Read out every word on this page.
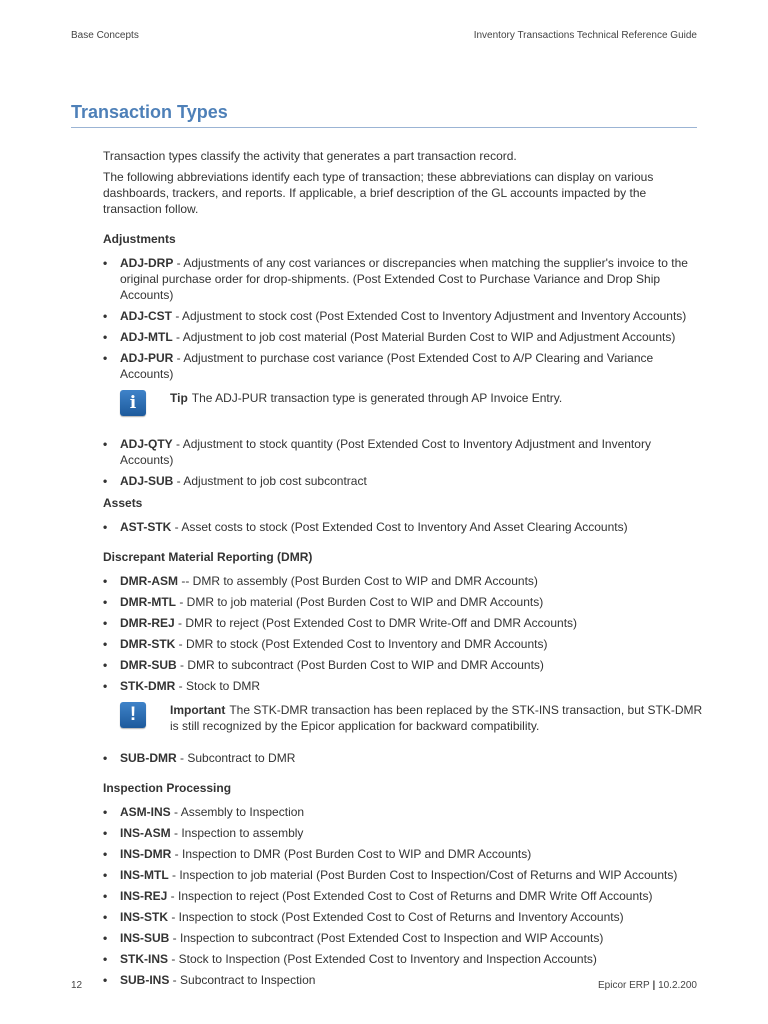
Base Concepts	Inventory Transactions Technical Reference Guide
Transaction Types

Transaction types classify the activity that generates a part transaction record.

The following abbreviations identify each type of transaction; these abbreviations can display on various dashboards, trackers, and reports. If applicable, a brief description of the GL accounts impacted by the transaction follow.

Adjustments
• ADJ-DRP - Adjustments of any cost variances or discrepancies when matching the supplier's invoice to the original purchase order for drop-shipments. (Post Extended Cost to Purchase Variance and Drop Ship Accounts)
• ADJ-CST - Adjustment to stock cost (Post Extended Cost to Inventory Adjustment and Inventory Accounts)
• ADJ-MTL - Adjustment to job cost material (Post Material Burden Cost to WIP and Adjustment Accounts)
• ADJ-PUR - Adjustment to purchase cost variance (Post Extended Cost to A/P Clearing and Variance Accounts)
i	Tip The ADJ-PUR transaction type is generated through AP Invoice Entry.
• ADJ-QTY - Adjustment to stock quantity (Post Extended Cost to Inventory Adjustment and Inventory Accounts)
• ADJ-SUB - Adjustment to job cost subcontract
Assets
• AST-STK - Asset costs to stock (Post Extended Cost to Inventory And Asset Clearing Accounts)
Discrepant Material Reporting (DMR)
• DMR-ASM -- DMR to assembly (Post Burden Cost to WIP and DMR Accounts)
• DMR-MTL - DMR to job material (Post Burden Cost to WIP and DMR Accounts)
• DMR-REJ - DMR to reject (Post Extended Cost to DMR Write-Off and DMR Accounts)
• DMR-STK - DMR to stock (Post Extended Cost to Inventory and DMR Accounts)
• DMR-SUB - DMR to subcontract (Post Burden Cost to WIP and DMR Accounts)
• STK-DMR - Stock to DMR
!	Important The STK-DMR transaction has been replaced by the STK-INS transaction, but STK-DMR is still recognized by the Epicor application for backward compatibility.
• SUB-DMR - Subcontract to DMR
Inspection Processing
• ASM-INS - Assembly to Inspection
• INS-ASM - Inspection to assembly
• INS-DMR - Inspection to DMR (Post Burden Cost to WIP and DMR Accounts)
• INS-MTL - Inspection to job material (Post Burden Cost to Inspection/Cost of Returns and WIP Accounts)
• INS-REJ - Inspection to reject (Post Extended Cost to Cost of Returns and DMR Write Off Accounts)
• INS-STK - Inspection to stock (Post Extended Cost to Cost of Returns and Inventory Accounts)
• INS-SUB - Inspection to subcontract (Post Extended Cost to Inspection and WIP Accounts)
• STK-INS - Stock to Inspection (Post Extended Cost to Inventory and Inspection Accounts)
• SUB-INS - Subcontract to Inspection
12	Epicor ERP | 10.2.200
